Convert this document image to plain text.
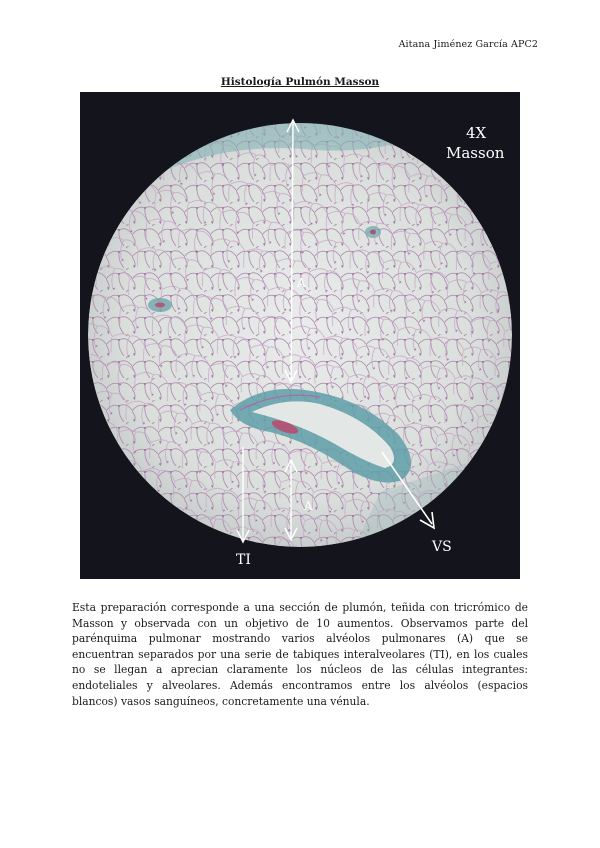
Aitana Jiménez García APC2
Histología Pulmón Masson
A
A
TI
VS
4X
Masson

Esta preparación corresponde a una sección de plumón, teñida con tricrómico de Masson y observada con un objetivo de 10 aumentos. Observamos parte del parénquima pulmonar mostrando varios alvéolos pulmonares (A) que se encuentran separados por una serie de tabiques interalveolares (TI), en los cuales no se llegan a aprecian claramente los núcleos de las células integrantes: endoteliales y alveolares. Además encontramos entre los alvéolos (espacios blancos) vasos sanguíneos, concretamente una vénula.
